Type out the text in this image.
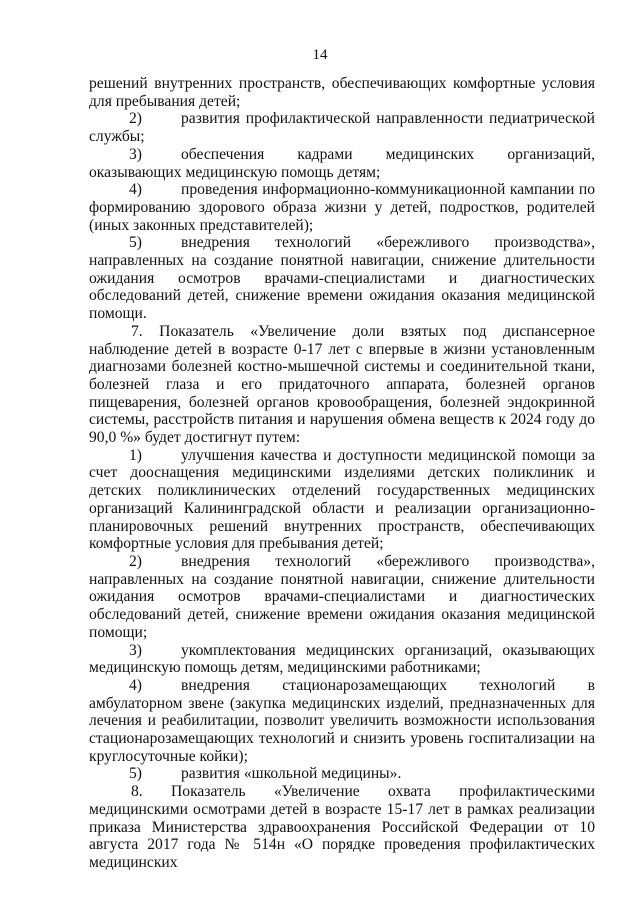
14

решений внутренних пространств, обеспечивающих комфортные условия для пребывания детей;

2)	развития профилактической направленности педиатрической службы;

3)	обеспечения кадрами медицинских организаций, оказывающих медицинскую помощь детям;

4)	проведения информационно-коммуникационной кампании по формированию здорового образа жизни у детей, подростков, родителей (иных законных представителей);

5)	внедрения технологий «бережливого производства», направленных на создание понятной навигации, снижение длительности ожидания осмотров врачами-специалистами и диагностических обследований детей, снижение времени ожидания оказания медицинской помощи.

7. Показатель «Увеличение доли взятых под диспансерное наблюдение детей в возрасте 0-17 лет с впервые в жизни установленным диагнозами болезней костно-мышечной системы и соединительной ткани, болезней глаза и его придаточного аппарата, болезней органов пищеварения, болезней органов кровообращения, болезней эндокринной системы, расстройств питания и нарушения обмена веществ к 2024 году до 90,0 %» будет достигнут путем:

1)	улучшения качества и доступности медицинской помощи за счет дооснащения медицинскими изделиями детских поликлиник и детских поликлинических отделений государственных медицинских организаций Калининградской области и реализации организационно-планировочных решений внутренних пространств, обеспечивающих комфортные условия для пребывания детей;

2)	внедрения технологий «бережливого производства», направленных на создание понятной навигации, снижение длительности ожидания осмотров врачами-специалистами и диагностических обследований детей, снижение времени ожидания оказания медицинской помощи;

3)	укомплектования медицинских организаций, оказывающих медицинскую помощь детям, медицинскими работниками;

4)	внедрения стационарозамещающих технологий в амбулаторном звене (закупка медицинских изделий, предназначенных для лечения и реабилитации, позволит увеличить возможности использования стационарозамещающих технологий и снизить уровень госпитализации на круглосуточные койки);

5)	развития «школьной медицины».

8. Показатель «Увеличение охвата профилактическими медицинскими осмотрами детей в возрасте 15-17 лет в рамках реализации приказа Министерства здравоохранения Российской Федерации от 10 августа 2017 года № 514н «О порядке проведения профилактических медицинских
